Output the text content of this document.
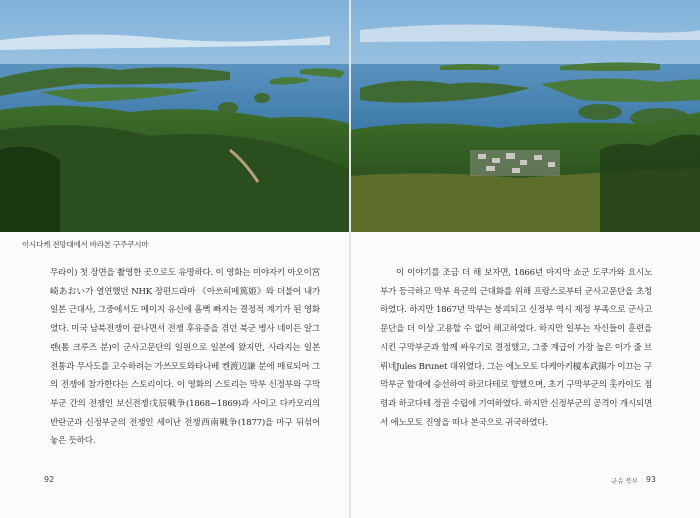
이시다케 전망대에서 바라본 구주쿠시마

무라이) 첫 장면을 촬영한 곳으로도 유명하다. 이 영화는 미야자키 아오이宮崎あおい가 열연했던 NHK 장편드라마 《아쓰히메篤姫》와 더불어 내가 일본 근대사, 그중에서도 메이지 유신에 흠뻑 빠지는 결정적 계기가 된 영화였다. 미국 남북전쟁이 끝나면서 전쟁 후유증을 겪던 북군 병사 네이든 알그렌(톰 크루즈 분)이 군사고문단의 일원으로 일본에 왔지만, 사라지는 일본 전통과 무사도를 고수하려는 가쓰모토와타나베 켄渡辺謙 분에 매료되어 그의 전쟁에 참가한다는 스토리이다. 이 영화의 스토리는 막부 신정부와 구막부군 간의 전쟁인 보신전쟁戊辰戦争(1868~1869)과 사이고 다카모리의 반란군과 신정부군의 전쟁인 세이난 전쟁西南戦争(1877)을 마구 뒤섞어 놓은 듯하다.

이 이야기를 조금 더 해 보자면, 1866년 마지막 쇼군 도쿠가와 요시노부가 등극하고 막부 육군의 근대화를 위해 프랑스로부터 군사고문단을 초청하였다. 하지만 1867년 막부는 붕괴되고 신정부 역시 재정 부족으로 군사고문단을 더 이상 고용할 수 없어 해고하였다. 하지만 일부는 자신들이 훈련을 시킨 구막부군과 함께 싸우기로 결정했고, 그중 계급이 가장 높은 이가 줄 브뤼네Jules Brunet 대위였다. 그는 에노모토 다케아키榎本武揚가 이끄는 구막부군 함대에 승선하여 하코다테로 향했으며, 초기 구막부군의 홋카이도 점령과 하코다테 정권 수립에 기여하였다. 하지만 신정부군의 공격이 개시되면서 에노모토 진영을 떠나 본국으로 귀국하였다.

92	규슈 북부 93
